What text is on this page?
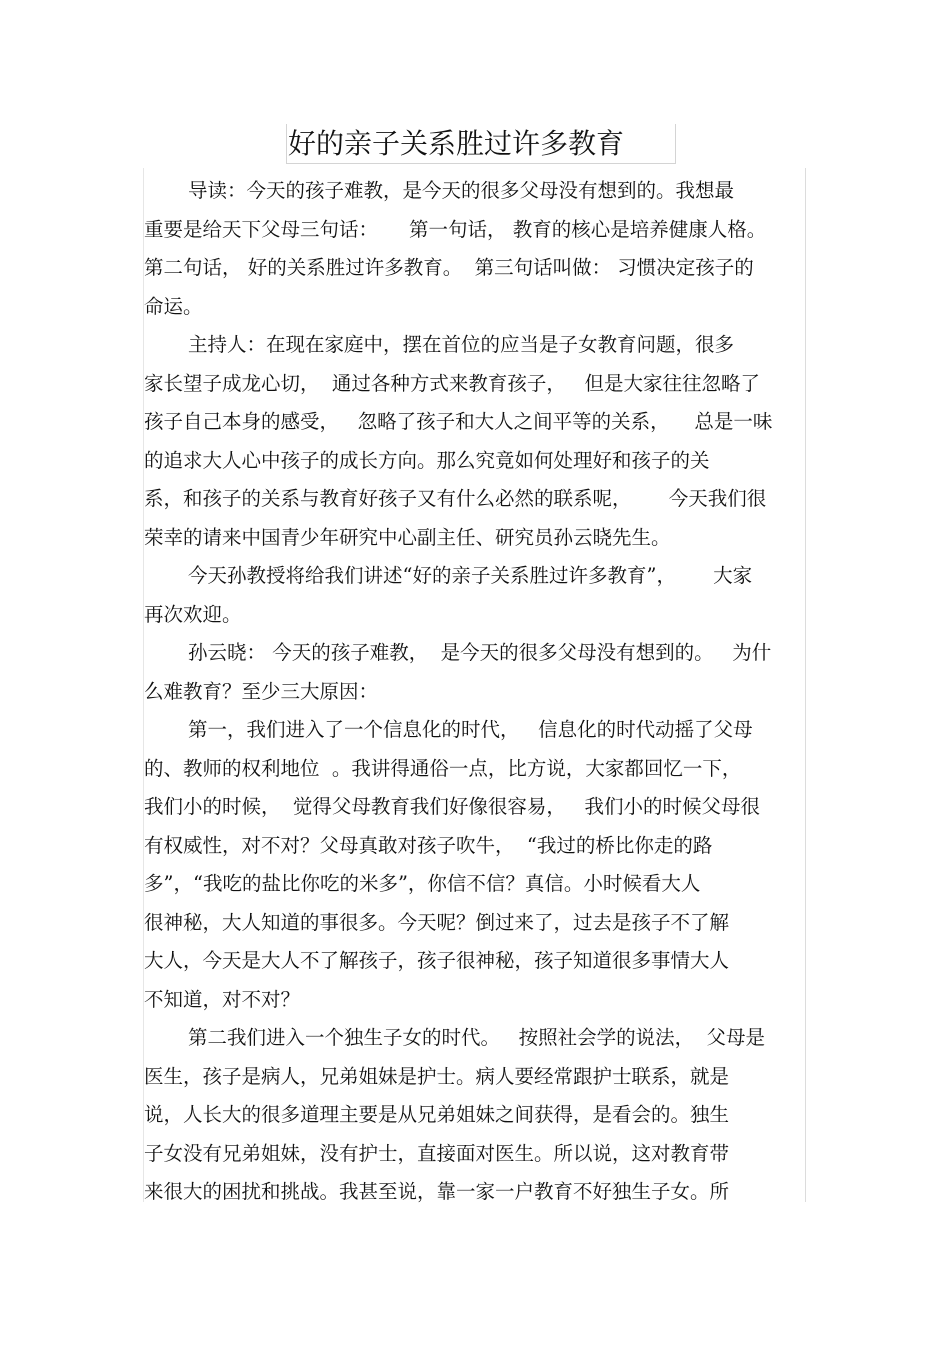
好的亲子关系胜过许多教育
导读：今天的孩子难教，是今天的很多父母没有想到的。我想最
重要是给天下父母三句话：     第一句话， 教育的核心是培养健康人格。
第二句话， 好的关系胜过许多教育。  第三句话叫做： 习惯决定孩子的
命运。
主持人：在现在家庭中，摆在首位的应当是子女教育问题，很多
家长望子成龙心切，  通过各种方式来教育孩子，   但是大家往往忽略了
孩子自己本身的感受，   忽略了孩子和大人之间平等的关系，    总是一味
的追求大人心中孩子的成长方向。那么究竟如何处理好和孩子的关
系，和孩子的关系与教育好孩子又有什么必然的联系呢，      今天我们很
荣幸的请来中国青少年研究中心副主任、研究员孙云晓先生。
今天孙教授将给我们讲述“好的亲子关系胜过许多教育”，      大家
再次欢迎。
孙云晓： 今天的孩子难教，  是今天的很多父母没有想到的。   为什
么难教育？至少三大原因：
第一，我们进入了一个信息化的时代，   信息化的时代动摇了父母
的、教师的权利地位  。我讲得通俗一点，比方说，大家都回忆一下，
我们小的时候，  觉得父母教育我们好像很容易，   我们小的时候父母很
有权威性，对不对？父母真敢对孩子吹牛，  “我过的桥比你走的路
多”，“我吃的盐比你吃的米多”，你信不信？真信。小时候看大人
很神秘，大人知道的事很多。今天呢？倒过来了，过去是孩子不了解
大人，今天是大人不了解孩子，孩子很神秘，孩子知道很多事情大人
不知道，对不对？
第二我们进入一个独生子女的时代。   按照社会学的说法，  父母是
医生，孩子是病人，兄弟姐妹是护士。病人要经常跟护士联系，就是
说，人长大的很多道理主要是从兄弟姐妹之间获得，是看会的。独生
子女没有兄弟姐妹，没有护士，直接面对医生。所以说，这对教育带
来很大的困扰和挑战。我甚至说，靠一家一户教育不好独生子女。所
